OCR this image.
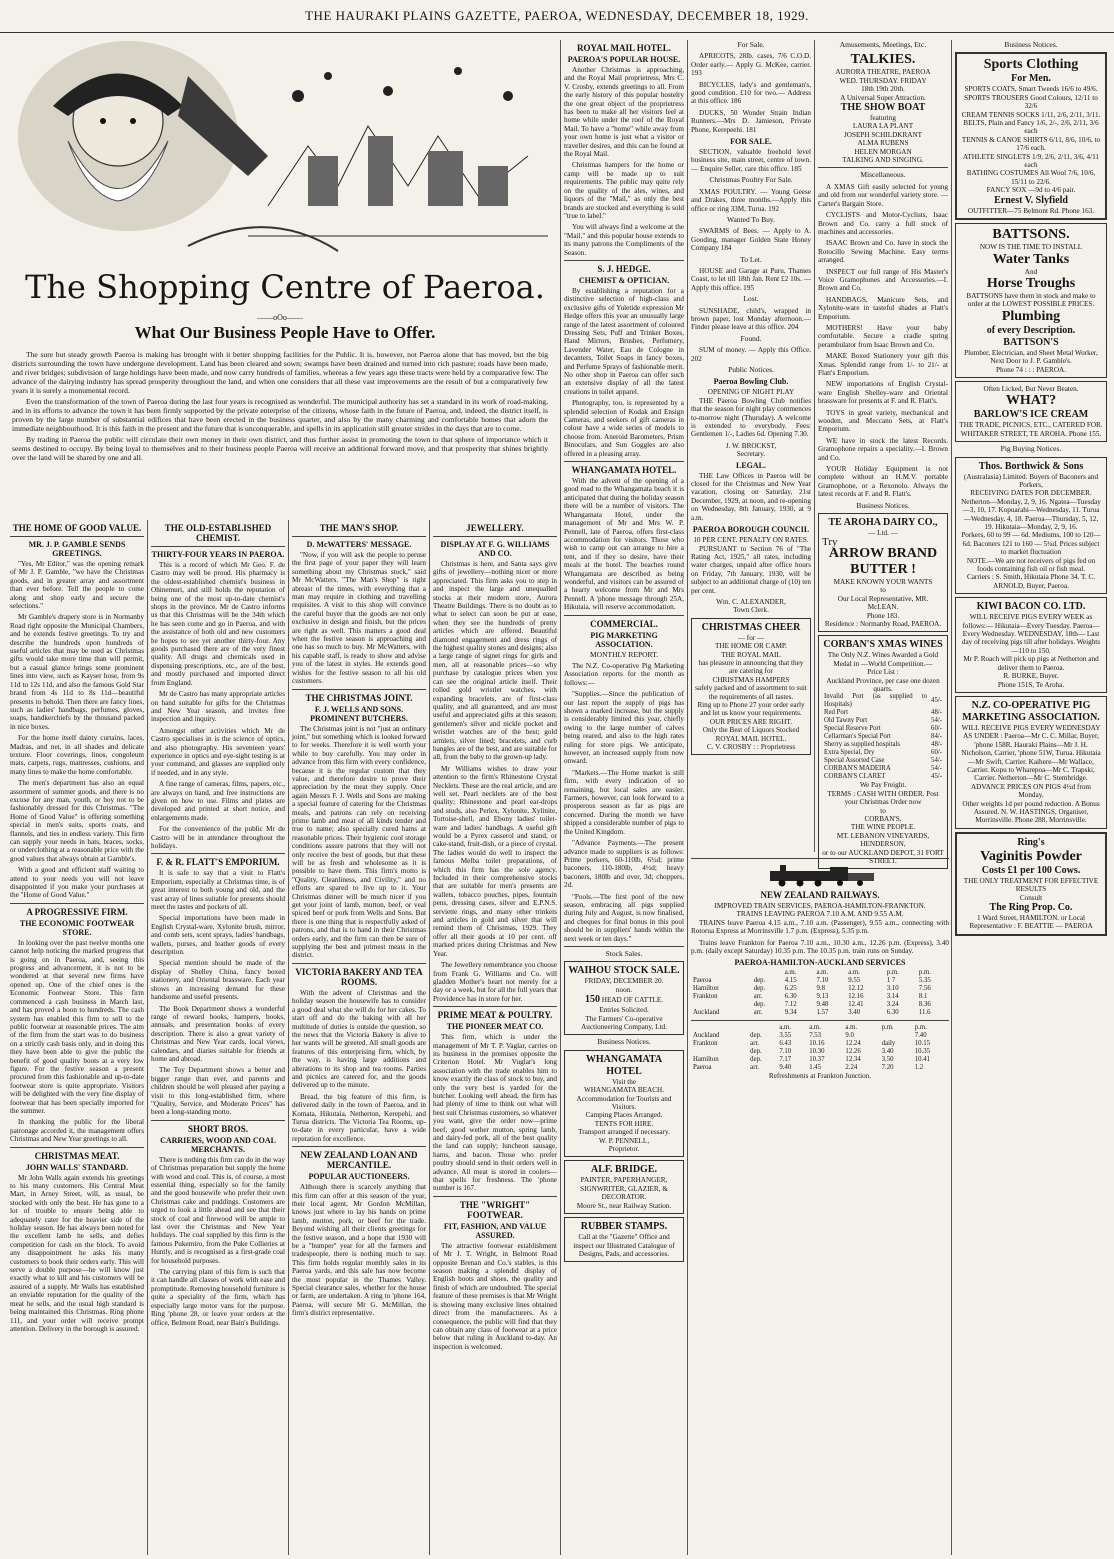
THE HAURAKI PLAINS GAZETTE, PAEROA, WEDNESDAY, DECEMBER 18, 1929.
The Shopping Centre of Paeroa.
——oOo——
What Our Business People Have to Offer.

The sure but steady growth Paeroa is making has brought with it better shopping facilities for the Public. It is, however, not Paeroa alone that has moved, but the big districts surrounding the town have undergone development. Land has been cleared and sown; swamps have been drained and turned into rich pasture; roads have been made, and river bridges; subdivision of large holdings have been made, and now carry hundreds of families, whereas a few years ago these tracts were held by a comparative few. The advance of the dairying industry has spread prosperity throughout the land, and when one considers that all these vast improvements are the result of but a comparatively few years it is surely a monumental record.

Even the transformation of the town of Paeroa during the last four years is recognised as wonderful. The municipal authority has set a standard in its work of road-making, and in its efforts to advance the town it has been firmly supported by the private enterprise of the citizens, whose faith in the future of Paeroa, and, indeed, the district itself, is proven by the large number of substantial edifices that have been erected in the business quarter, and also by the many charming and comfortable homes that adorn the immediate neighbourhood. It is this faith in the present and the future that is unconquerable, and spells in its application still greater strides in the days that are to come.

By trading in Paeroa the public will circulate their own money in their own district, and thus further assist in promoting the town to that sphere of importance which it seems destined to occupy. By being loyal to themselves and to their business people Paeroa will receive an additional forward move, and that prosperity that shines brightly over the land will be shared by one and all.

THE HOME OF GOOD VALUE.
MR. J. P. GAMBLE SENDS GREETINGS.

"Yes, Mr Editor," was the opening remark of Mr J. P. Gamble, "we have the Christmas goods, and in greater array and assortment than ever before. Tell the people to come along and shop early and secure the selections."

Mr Gamble's drapery store is in Normanby Road right opposite the Municipal Chambers, and he extends festive greetings. To try and describe the hundreds upon hundreds of useful articles that may be used as Christmas gifts would take more time than will permit, but a casual glance brings some prominent lines into view, such as Kayser hose, from 9s 11d to 12s 11d, and also the famous Gold Star brand from 4s 11d to 8s 11d—beautiful presents to behold. Then there are fancy lines, such as ladies' handbags, perfumes, gloves, soaps, handkerchiefs by the thousand packed in nice boxes.

For the home itself dainty curtains, laces, Madras, and net, in all shades and delicate texture. Floor coverings, linos, congoleum mats, carpets, rugs, mattresses, cushions, and many lines to make the home comfortable.

The men's department has also an equal assortment of summer goods, and there is no excuse for any man, youth, or boy not to be fashionably dressed for this Christmas. "The Home of Good Value" is offering something special in men's suits, sports coats, and flannels, and ties in endless variety. This firm can supply your needs in hats, braces, socks, or underclothing at a reasonable price with the good values that always obtain at Gamble's.

With a good and efficient staff waiting to attend to your needs you will not leave disappointed if you make your purchases at the "Home of Good Value."

A PROGRESSIVE FIRM.
THE ECONOMIC FOOTWEAR STORE.

In looking over the past twelve months one cannot help noticing the marked progress that is going on in Paeroa, and, seeing this progress and advancement, it is not to be wondered at that several new firms have opened up. One of the chief ones is the Economic Footwear Store. This firm commenced a cash business in March last, and has proved a boon to hundreds. The cash system has enabled this firm to sell to the public footwear at reasonable prices. The aim of the firm from the start was to do business on a strictly cash basis only, and in doing this they have been able to give the public the benefit of good quality boots at a very low figure. For the festive season a present procured from this fashionable and up-to-date footwear store is quite appropriate. Visitors will be delighted with the very fine display of footwear that has been specially imported for the summer.

In thanking the public for the liberal patronage accorded it, the management offers Christmas and New Year greetings to all.

CHRISTMAS MEAT.
JOHN WALLS' STANDARD.

Mr John Walls again extends his greetings to his many customers. His Central Meat Mart, in Arney Street, will, as usual, be stocked with only the best. He has gone to a lot of trouble to ensure being able to adequately cater for the heavier side of the holiday season. He has always been noted for the excellent lamb he sells, and defies competition for cash on the block. To avoid any disappointment he asks his many customers to book their orders early. This will serve a double purpose—he will know just exactly what to kill and his customers will be assured of a supply. Mr Walls has established an enviable reputation for the quality of the meat he sells, and the usual high standard is being maintained this Christmas. Ring phone 111, and your order will receive prompt attention. Delivery in the borough is assured.

THE OLD-ESTABLISHED CHEMIST.
THIRTY-FOUR YEARS IN PAEROA.

This is a record of which Mr Geo. F. de Castro may well be proud. His pharmacy is the oldest-established chemist's business in Ohinemuri, and still holds the reputation of being one of the most up-to-date chemist's shops in the province. Mr de Castro informs us that this Christmas will be the 34th which he has seen come and go in Paeroa, and with the assistance of both old and new customers he hopes to see yet another thirty-four. Any goods purchased there are of the very finest quality. All drugs and chemicals used in dispensing prescriptions, etc., are of the best, and mostly purchased and imported direct from England.

Mr de Castro has many appropriate articles on hand suitable for gifts for the Christmas and New Year season, and invites free inspection and inquiry.

Amongst other activities which Mr de Castro specialises in is the science of optics, and also photography. His seventeen years' experience in optics and eye-sight testing is at your command, and glasses are supplied only if needed, and in any style.

A fine range of cameras, films, papers, etc., are always on hand, and free instructions are given on how to use. Films and plates are developed and printed at short notice, and enlargements made.

For the convenience of the public Mr de Castro will be in attendance throughout the holidays.

F. & R. FLATT'S EMPORIUM.

It is safe to say that a visit to Flatt's Emporium, especially at Christmas time, is of great interest to both young and old, and the vast array of lines suitable for presents should meet the tastes and pockets of all.

Special importations have been made in English Crystal-ware, Xylonite brush, mirror, and comb sets, scent sprays, ladies' handbags, wallets, purses, and leather goods of every description.

Special mention should be made of the display of Shelley China, fancy boxed stationery, and Oriental brassware. Each year shows an increasing demand for these handsome and useful presents.

The Book Department shows a wonderful range of reward books, hampers, books, annuals, and presentation books of every description. There is also a great variety of Christmas and New Year cards, local views, calendars, and diaries suitable for friends at home and abroad.

The Toy Department shows a better and bigger range than ever, and parents and children should be well pleased after paying a visit to this long-established firm, where "Quality, Service, and Moderate Prices" has been a long-standing motto.

SHORT BROS.
CARRIERS, WOOD AND COAL MERCHANTS.

There is nothing this firm can do in the way of Christmas preparation but supply the home with wood and coal. This is, of course, a most essential thing, especially so for the family and the good housewife who prefer their own Christmas cake and puddings. Customers are urged to look a little ahead and see that their stock of coal and firewood will be ample to last over the Christmas and New Year holidays. The coal supplied by this firm is the famous Pukemiro, from the Puke Collieries at Huntly, and is recognised as a first-grade coal for household purposes.

The carrying plant of this firm is such that it can handle all classes of work with ease and promptitude. Removing household furniture is quite a speciality of the firm, which has especially large motor vans for the purpose. Ring 'phone 28, or leave your orders at the office, Belmont Road, near Bain's Buildings.

THE MAN'S SHOP.
D. McWATTERS' MESSAGE.

"Now, if you will ask the people to peruse the first page of your paper they will learn something about my Christmas stock," said Mr McWatters. "The Man's Shop" is right abreast of the times, with everything that a man may require in clothing and travelling requisites. A visit to this shop will convince the careful buyer that the goods are not only exclusive in design and finish, but the prices are right as well. This matters a good deal when the festive season is approaching and one has so much to buy. Mr McWatters, with his capable staff, is ready to show and advise you of the latest in styles. He extends good wishes for the festive season to all his old customers.

THE CHRISTMAS JOINT.
F. J. WELLS AND SONS. PROMINENT BUTCHERS.

The Christmas joint is not "just an ordinary joint," but something which is looked forward to for weeks. Therefore it is well worth your while to buy carefully. You may order in advance from this firm with every confidence, because it is the regular custom that they value, and therefore desire to prove their appreciation by the meat they supply. Once again Messrs F. J. Wells and Sons are making a special feature of catering for the Christmas meals, and patrons can rely on receiving prime lamb and meat of all kinds tender and true to name; also specially cured hams at reasonable prices. Their hygienic cool storage conditions assure patrons that they will not only receive the best of goods, but that these will be as fresh and wholesome as it is possible to have them. This firm's motto is "Quality, Cleanliness, and Civility," and no efforts are spared to live up to it. Your Christmas dinner will be much nicer if you get your joint of lamb, mutton, beef, or veal spiced beef or pork from Wells and Sons. But there is one thing that is respectfully asked of patrons, and that is to hand in their Christmas orders early, and the firm can then be sure of supplying the best and primest meats in the district.

VICTORIA BAKERY AND TEA ROOMS.

With the advent of Christmas and the holiday season the housewife has to consider a good deal what she will do for her cakes. To start off and do the baking with all her multitude of duties is outside the question, so the news that the Victoria Bakery is alive to her wants will be greeted. All small goods are features of this enterprising firm, which, by the way, is having large additions and alterations to its shop and tea rooms. Parties and picnics are catered for, and the goods delivered up to the minute.

Bread, the big feature of this firm, is delivered daily in the town of Paeroa, and in Komata, Hikutaia, Netherton, Kerepehi, and Turua districts. The Victoria Tea Rooms, up-to-date in every particular, have a wide reputation for excellence.

NEW ZEALAND LOAN AND MERCANTILE.
POPULAR AUCTIONEERS.

Although there is scarcely anything that this firm can offer at this season of the year, their local agent, Mr Gordon McMillan, knows just where to lay his hands on prime lamb, mutton, pork, or beef for the trade. Beyond wishing all their clients greetings for the festive season, and a hope that 1930 will be a "bumper" year for all the farmers and tradespeople, there is nothing much to say. This firm holds regular monthly sales in its Paeroa yards, and this sale has now become the most popular in the Thames Valley. Special clearance sales, whether for the house or farm, are undertaken. A ring to 'phone 164, Paeroa, will secure Mr G. McMillan, the firm's district representative.

JEWELLERY.
DISPLAY AT F. G. WILLIAMS AND CO.

Christmas is here, and Santa says give gifts of jewellery—nothing nicer or more appreciated. This firm asks you to step in and inspect the large and unequalled stocks at their modern store, Aurora Theatre Buildings. There is no doubt as to what to select can soon be put at ease, when they see the hundreds of pretty articles which are offered. Beautiful diamond engagement and dress rings of the highest quality stones and designs; also a large range of signet rings for girls and men, all at reasonable prices—so why purchase by catalogue prices when you can see the original article itself. Their rolled gold wristlet watches, with expanding bracelets, are of first-class quality, and all guaranteed, and are most useful and appreciated gifts at this season; gentlemen's silver and nickle pocket and wristlet watches are of the best; gold armlets, silver lined; bracelets, and curb bangles are of the best, and are suitable for all, from the baby to the grown-up lady.

Mr Williams wishes to draw your attention to the firm's Rhinestone Crystal Necklets. These are the real article, and are well set. Pearl necklets are of the best quality; Rhinestone and pearl ear-drops and studs, also Perlex, Xylonite, Xylinite, Tortoise-shell, and Ebony ladies' toilet-ware and ladies' handbags. A useful gift would be a Pyrex casserol and stand, or cake-stand, fruit-dish, or a piece of crystal. The ladies would do well to inspect the famous Melba toilet preparations, of which this firm has the sole agency. Included in their comprehensive stocks that are suitable for men's presents are wallets, tobacco pouches, pipes, fountain pens, dressing cases, silver and E.P.N.S. serviette rings, and many other trinkets and articles in gold and silver that will remind them of Christmas, 1929. They offer all their goods at 10 per cent. off marked prices during Christmas and New Year.

The Jewellery remembrance you choose from Frank G. Williams and Co. will gladden Mother's heart not merely for a day or a week, but for all the full years that Providence has in store for her.

PRIME MEAT & POULTRY.
THE PIONEER MEAT CO.

This firm, which is under the management of Mr T. P. Vaglar, carries on its business in the premises opposite the Criterion Hotel. Mr Vuglar's long association with the trade enables him to know exactly the class of stock to buy, and only the very best is yarded for the butcher. Looking well ahead, the firm has had plenty of time to think out what will best suit Christmas customers, so whatever you want, give the order now—prime beef, good wether mutton, spring lamb, and dairy-fed pork, all of the best quality the land can supply; luncheon sausage, hams, and bacon. Those who prefer poultry should send in their orders well in advance. All meat is stored in coolers—that spells for freshness. The 'phone number is 167.

THE "WRIGHT" FOOTWEAR.
FIT, FASHION, AND VALUE ASSURED.

The attractive footwear establishment of Mr J. T. Wright, in Belmont Road opposite Brenan and Co.'s stables, is this season making a splendid display of English boots and shoes, the quality and finish of which are undoubted. The special feature of these premises is that Mr Wright is showing many exclusive lines obtained direct from the manufacturers. As a consequence, the public will find that they can obtain any class of footwear at a price below that ruling in Auckland to-day. An inspection is welcomed.

ROYAL MAIL HOTEL.
PAEROA'S POPULAR HOUSE.

Another Christmas is approaching, and the Royal Mail proprietress, Mrs C. V. Crosby, extends greetings to all. From the early history of this popular hostelry the one great object of the proprietress has been to make all her visitors feel at home while under the roof of the Royal Mail. To have a "home" while away from your own home is just what a visitor or traveller desires, and this can be found at the Royal Mail.

Christmas hampers for the home or camp will be made up to suit requirements. The public may quite rely on the quality of the ales, wines, and liquors of the "Mail," as only the best brands are stocked and everything is sold "true to label."

You will always find a welcome at the "Mail," and this popular house extends to its many patrons the Compliments of the Season.

S. J. HEDGE.
CHEMIST & OPTICIAN.

By establishing a reputation for a distinctive selection of high-class and exclusive gifts of Yuletide expression Mr Hedge offers this year an unusually large range of the latest assortment of coloured Dressing Sets, Puff and Trinket Boxes, Hand Mirrors, Brushes, Perfumery, Lavender Water, Eau de Cologne in decanters, Toilet Soaps in fancy boxes, and Perfume Sprays of fashionable merit. No other shop in Paeroa can offer such an extensive display of all the latest creations in toilet apparel.

Photography, too, is represented by a splendid selection of Kodak and Ensign Cameras, and seekers of gift cameras in colour have a wide series of models to choose from. Aneroid Barometers, Prism Binoculars, and Sun Goggles are also offered in a pleasing array.

WHANGAMATA HOTEL.

With the advent of the opening of a good road to the Whangamata beach it is anticipated that during the holiday season there will be a number of visitors. The Whangamata Hotel, under the management of Mr and Mrs W. P. Pennell, late of Paeroa, offers first-class accommodation for visitors. Those who wish to camp out can arrange to hire a tent, and if they so desire, have their meals at the hotel. The beaches round Whangamata are described as being wonderful, and visitors can be assured of a hearty welcome from Mr and Mrs Pennell. A 'phone message through 25A, Hikutaia, will reserve accommodation.

COMMERCIAL.
PIG MARKETING ASSOCIATION.
MONTHLY REPORT.

The N.Z. Co-operative Pig Marketing Association reports for the month as follows:—

"Supplies.—Since the publication of our last report the supply of pigs has shown a marked increase, but the supply is considerably limited this year, chiefly owing to the large number of calves being reared, and also to the high rates ruling for store pigs. We anticipate, however, an increased supply from now onward.

"Markets.—The Home market is still firm, with every indication of so remaining, but local sales are easier. Farmers, however, can look forward to a prosperous season as far as pigs are concerned. During the month we have shipped a considerable number of pigs to the United Kingdom.

"Advance Payments.—The present advance made to suppliers is as follows: Prime porkers, 60-110lb, 6½d; prime baconers, 110-180lb, 4½d; heavy baconers, 180lb and over, 3d; choppers, 2d.

"Pools.—The first pool of the new season, embracing all pigs supplied during July and August, is now finalised, and cheques for final bonus in this pool should be in suppliers' hands within the next week or ten days."

Stock Sales.
WAIHOU STOCK SALE.
FRIDAY, DECEMBER 20.
noon.
150 HEAD OF CATTLE.
Entries Solicited.
The Farmers' Co-operative Auctioneering Company, Ltd.
Business Notices.
WHANGAMATA HOTEL
Visit the
WHANGAMATA BEACH.
Accommodation for Tourists and Visitors.
Camping Places Arranged.
TENTS FOR HIRE.
Transport arranged if necessary.
W. P. PENNELL,
Proprietor.
ALF. BRIDGE.
PAINTER, PAPERHANGER, SIGNWRITER, GLAZIER, & DECORATOR.
Moore St., near Railway Station.
RUBBER STAMPS.
Call at the "Gazette" Office and inspect our Illustrated Catalogue of Designs, Pads, and accessories.
For Sale.

APRICOTS, 28lb. cases, 7/6 C.O.D. Order early.— Apply G. McKee, carrier. 193

BICYCLES, lady's and gentleman's, good condition. £10 for two.— Address at this office. 186

DUCKS, 50 Wonder Strain Indian Runners.—Mrs D. Jamieson, Private Phone, Kerepeehi. 181

FOR SALE.

SECTION, valuable freehold level business site, main street, centre of town. — Enquire Seller, care this office. 185

Christmas Poultry For Sale.

XMAS POULTRY. — Young Geese and Drakes, three months.—Apply this office or ring 33M, Turua. 192

Wanted To Buy.

SWARMS of Bees. — Apply to A. Gooding, manager Golden State Honey Company 184

To Let.

HOUSE and Garage at Puru, Thames Coast, to let till 18th Jan. Rent £2 10s. — Apply this office. 195

Lost.

SUNSHADE, child's, wrapped in brown paper, lost Monday afternoon.—Finder please leave at this office. 204

Found.

SUM of money. — Apply this Office. 202

Public Notices.
Paeroa Bowling Club.
OPENING OF NIGHT PLAY

THE Paeroa Bowling Club notifies that the season for night play commences to-morrow night (Thursday). A welcome is extended to everybody. Fees: Gentlemen 1/-, Ladies 6d. Opening 7.30.

J. W. BROCKST,
Secretary.
LEGAL.

THE Law Offices in Paeroa will be closed for the Christmas and New Year vacation, closing on Saturday, 21st December, 1929, at noon, and re-opening on Wednesday, 8th January, 1930, at 9 a.m.

PAEROA BOROUGH COUNCIL
10 PER CENT. PENALTY ON RATES.

PURSUANT to Section 76 of "The Rating Act, 1925," all rates, including water charges, unpaid after office hours on Friday, 7th January, 1930, will be subject to an additional charge of (10) ten per cent.

Wm. C. ALEXANDER,
Town Clerk.
CHRISTMAS CHEER
— for —
THE HOME OR CAMP.
THE ROYAL MAIL
has pleasure in announcing that they are catering for
CHRISTMAS HAMPERS
safely packed and of assortment to suit the requirements of all tastes.
Ring up to Phone 27 your order early and let us know your requirements.
OUR PRICES ARE RIGHT.
Only the Best of Liquors Stocked
ROYAL MAIL HOTEL.
C. V. CROSBY : : Proprietress
Amusements, Meetings, Etc.
TALKIES.
AURORA THEATRE, PAEROA
WED. THURSDAY. FRIDAY
18th 19th 20th.
A Universal Super Attraction.
THE SHOW BOAT
featuring
LAURA LA PLANT
JOSEPH SCHILDKRANT
ALMA RUBENS
HELEN MORGAN
TALKING AND SINGING.
Miscellaneous.

A XMAS Gift easily selected for young and old from our wonderful variety store. — Carter's Bargain Store.

CYCLISTS and Motor-Cyclists, Isaac Brown and Co. carry a full stock of machines and accessories.

ISAAC Brown and Co. have in stock the Rotocillo Sewing Machine. Easy terms arranged.

INSPECT our full range of His Master's Voice Gramophones and Accessories.—I. Brown and Co.

HANDBAGS, Manicure Sets, and Xylonite-ware in tasteful shades at Flatt's Emporium.

MOTHERS! Have your baby comfortable. Secure a cradle spring perambulator from Isaac Brown and Co.

MAKE Boxed Stationery your gift this Xmas. Splendid range from 1/- to 21/- at Flatt's Emporium.

NEW importations of English Crystal-ware English Shelley-ware and Oriental brassware for presents at F. and R. Flatt's.

TOYS in great variety, mechanical and wooden, and Meccano Sets, at Flatt's Emporium.

WE have in stock the latest Records. Gramophone repairs a speciality.—I. Brown and Co.

YOUR Holiday Equipment is not complete without an H.M.V. portable Gramophone, or a Rexonolo. Always the latest records at F. and R. Flatt's.

Business Notices.
TE AROHA DAIRY CO.,
— Ltd. —
Try
ARROW BRAND BUTTER !
MAKE KNOWN YOUR WANTS
to
Our Local Representative, MR. McLEAN.
Phone 183.
Residence : Normanby Road, PAEROA.
CORBAN'S XMAS WINES
The Only N.Z. Wines Awarded a Gold Medal in —World Competition.—
Price List :
Auckland Province, per case one dozen quarts.
Invalid Port (as supplied to Hospitals)	45/-
Red Port	48/-
Old Tawny Port	54/-
Special Reserve Port	60/-
Cellarman's Special Port	84/-
Sherry as supplied hospitals	48/-
Extra Special, Dry	60/-
Special Assorted Case	54/-
CORBAN'S MADEIRA	54/-
CORBAN'S CLARET	45/-
We Pay Freight.
TERMS : CASH WITH ORDER. Post your Christmas Order now
to
CORBAN'S,
THE WINE PEOPLE.
MT. LEBANON VINEYARDS, HENDERSON,
or to our AUCKLAND DEPOT, 31 FORT STREET.
NEW ZEALAND RAILWAYS.
IMPROVED TRAIN SERVICES, PAEROA-HAMILTON-FRANKTON.
TRAINS LEAVING PAEROA 7.10 A.M. AND 9.55 A.M.

TRAINS leave Paeroa 4.15 a.m., 7.10 a.m. (Passenger), 9.55 a.m., connecting with Rotorua Express at Morrinsville 1.7 p.m. (Express), 5.35 p.m.

Trains leave Frankton for Paeroa 7.10 a.m., 10.30 a.m., 12.26 p.m. (Express), 3.40 p.m. (daily except Saturday) 10.35 p.m. The 10.35 p.m. train runs on Sunday.

PAEROA-HAMILTON-AUCKLAND SERVICES
		a.m.	a.m.	a.m.	p.m.	p.m.
Paeroa	dep.	4.15	7.10	9.55	1 7	5.35
Hamilton	dep.	6.25	9.8	12.12	3.10	7.56
Frankton	arr.	6.30	9.13	12.16	3.14	8.1
	dep.	7.12	9.48	12.41	3.24	8.36
Auckland	arr.	9.34	1.57	3.40	6.30	11.6
		a.m.	a.m.	a.m.	p.m.	p.m.
Auckland	dep.	3.55	7.53	9.0		7.40
Frankton	arr.	6.43	10.16	12.24	daily	10.15
	dep.	7.10	10.30	12.26	3.40	10.35
Hamilton	dep.	7.17	10.37	12.34	3.50	10.41
Paeroa	arr.	9.40	1.45	2.24	7.20	1.2
Refreshments at Frankton Junction.
Business Notices.
Sports Clothing
For Men.
SPORTS COATS, Smart Tweeds 16/6 to 49/6.
SPORTS TROUSERS Good Colours, 12/11 to 32/6
CREAM TENNIS SOCKS 1/11, 2/6, 2/11, 3/11.
BELTS, Plain and Fancy 1/6, 2/-, 2/6, 2/11, 3/6 each
TENNIS & CANOE SHIRTS 6/11, 8/6, 10/6, to 17/6 each.
ATHLETE SINGLETS 1/9, 2/6, 2/11, 3/6, 4/11 each
BATHING COSTUMES All Wool 7/6, 10/6, 15/11 to 22/6.
FANCY SOX —9d to 4/6 pair.
Ernest V. Slyfield
OUTFITTER—75 Belmont Rd. Phone 163.
BATTSONS.
NOW IS THE TIME TO INSTALL
Water Tanks
And
Horse Troughs
BATTSONS have them in stock and make to order at the LOWEST POSSIBLE PRICES.
Plumbing
of every Description.
BATTSON'S
Plumber, Electrician, and Sheet Metal Worker, Next Door to J. P. Gamble's.
Phone 74 : : : PAEROA.
Often Licked, But Never Beaten.
WHAT?
BARLOW'S ICE CREAM
THE TRADE, PICNICS, ETC., CATERED FOR. WHITAKER STREET, TE AROHA. Phone 155.
Pig Buying Notices.
Thos. Borthwick & Sons
(Australasia) Limited. Buyers of Baconers and Porkers,
RECEIVING DATES FOR DECEMBER.
Netherton—Monday, 2, 9, 16. Ngatea—Tuesday—3, 10, 17. Kopuarahi—Wednesday, 11. Turua—Wednesday, 4, 18. Paeroa—Thursday, 5, 12, 19. Hikutaia—Monday, 2, 9, 16.
Porkers, 60 to 99 — 6d. Mediums, 100 to 120—6d. Baconers 121 to 160 — 5¼d. Prices subject to market fluctuation
NOTE.—We are not receivers of pigs fed on foods containing fish oil or fish meal.
Carriers : S. Smith, Hikutaia Phone 34. T. C. ARNOLD, Buyer, Paeroa.
KIWI BACON CO. LTD.
WILL RECEIVE PIGS EVERY WEEK as follows:— Hikutaia—Every Tuesday. Paeroa—Every Wednesday. WEDNESDAY, 18th— Last day of receiving pigs till after holidays. Weights—110 to 150.
Mr P. Roach will pick up pigs at Netherton and deliver them to Paeroa.
R. BURKE, Buyer.
Phone 151S, Te Aroha.
N.Z. CO-OPERATIVE PIG MARKETING ASSOCIATION.
WILL RECEIVE PIGS EVERY WEDNESDAY AS UNDER : Paeroa—Mr C. C. Millar, Buyer, 'phone 158R. Hauraki Plains—Mr J. H. Nicholson, Carrier, 'phone 51W, Turua. Hikutaia—Mr Swift, Carrier. Kaihere—Mr Wallace, Carrier. Kopu to Wharepoa—Mr C. Trapski, Carrier. Netherton—Mr C. Stembridge.
ADVANCE PRICES ON PIGS 4½d from Monday.
Other weights 1d per pound reduction. A Bonus Assured. N. W. HASTINGS, Organiser, Morrinsville. Phone 288, Morrinsville.
Ring's
Vaginitis Powder
Costs £1 per 100 Cows.
THE ONLY TREATMENT FOR EFFECTIVE RESULTS
Consult
The Ring Prop. Co.
1 Ward Street, HAMILTON. or Local Representative : F. BEATTIE — PAEROA
